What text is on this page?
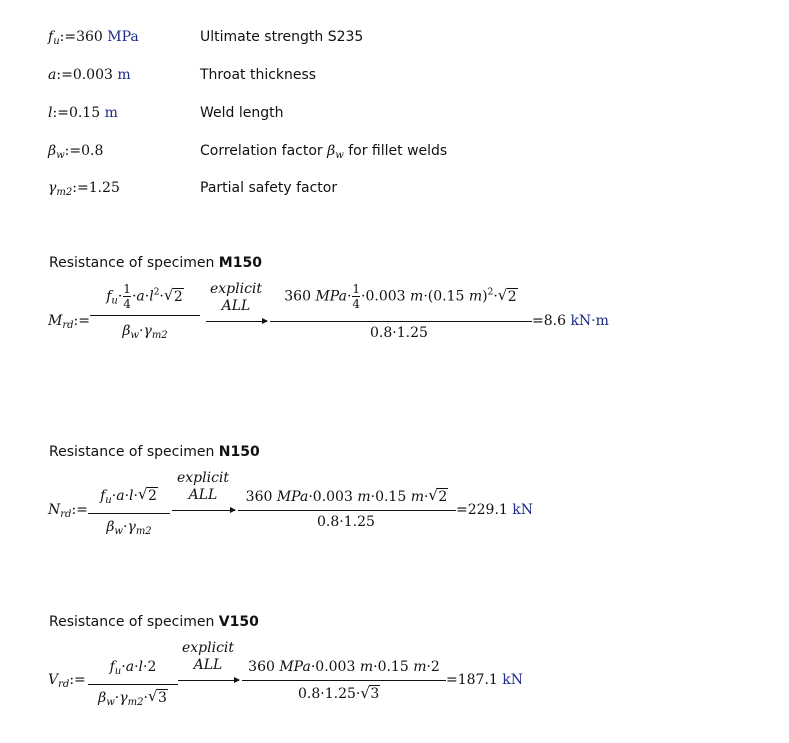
$f_u:=360$ MPa	Ultimate strength S235
a:=0.003 m	Throat thickness
l:=0.15 m	Weld length
$\beta_w:=0.8$	Correlation factor $\beta_w$ for fillet welds
$\gamma_{m2}:=1.25$	Partial safety factor
Resistance of specimen M150
$M_{rd}:=$
$f_u\cdot \frac{1}{4} \cdot a\cdot l^2\cdot$ √ 2
$\beta_w\cdot\gamma_{m2}$
explicit
ALL
360 $MPa\cdot \frac{1}{4} \cdot 0.003$ m·(0.15 m)$^2$· √ 2
0.8·1.25
=8.6 kN·m
Resistance of specimen N150
$N_{rd}:=$
$f_u\cdot a\cdot l\cdot$ √ 2
$\beta_w\cdot\gamma_{m2}$
explicit
ALL	360 MPa·0.003 m·0.15 m· √ 2
0.8·1.25
=229.1 kN
Resistance of specimen V150
$V_{rd}:=$
$f_u\cdot a\cdot l\cdot 2$
$\beta_w\cdot\gamma_{m2}\cdot$ √ 3
explicit
ALL	360 MPa·0.003 m·0.15 m·2
0.8·1.25· √ 3
=187.1 kN
